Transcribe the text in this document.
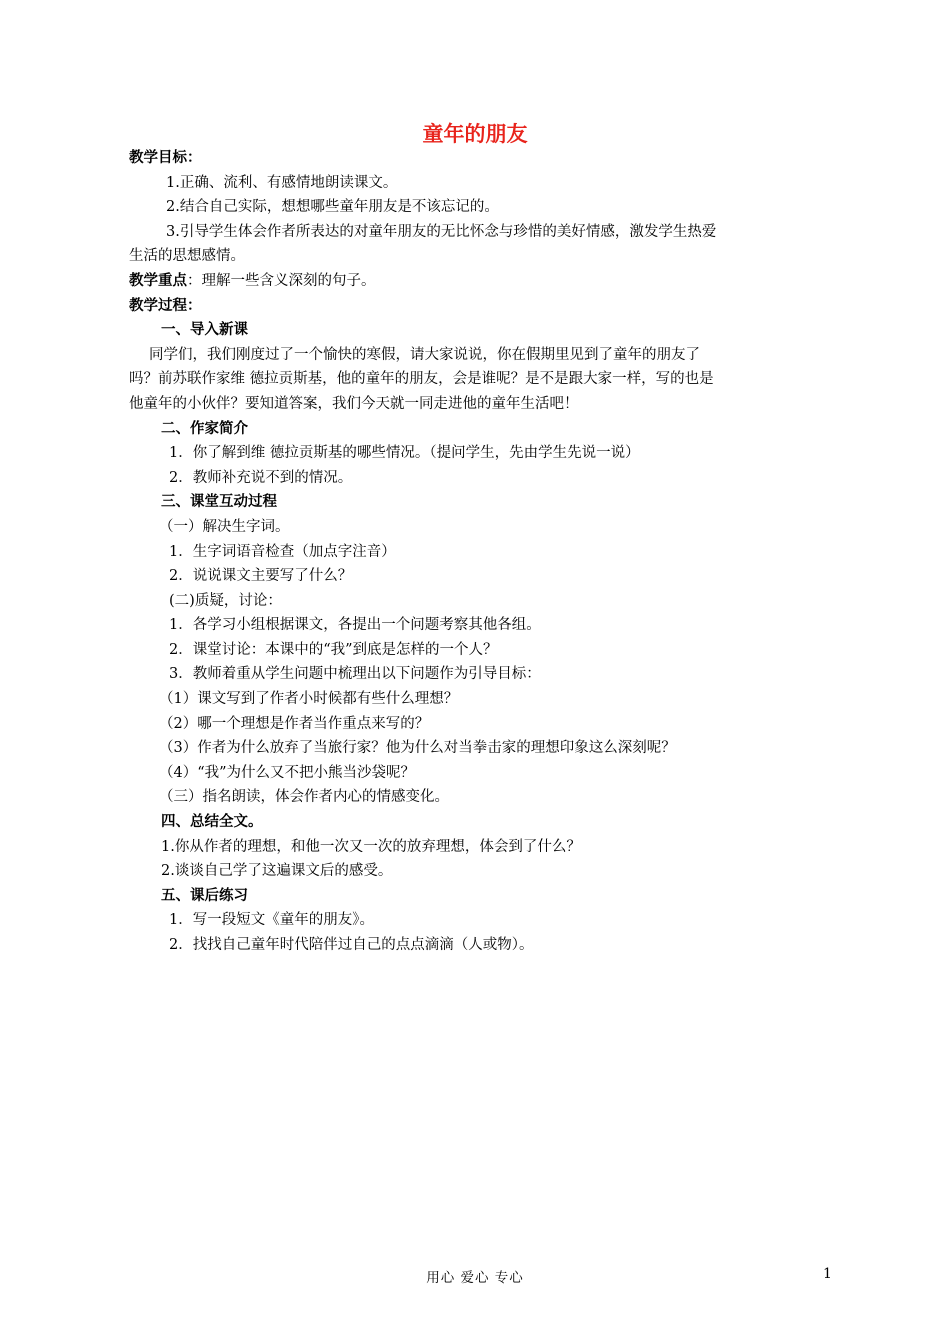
童年的朋友

教学目标：

1.正确、流利、有感情地朗读课文。

2.结合自己实际，想想哪些童年朋友是不该忘记的。

3.引导学生体会作者所表达的对童年朋友的无比怀念与珍惜的美好情感，激发学生热爱生活的思想感情。

教学重点：理解一些含义深刻的句子。

教学过程：

一、导入新课

同学们，我们刚度过了一个愉快的寒假，请大家说说，你在假期里见到了童年的朋友了吗？前苏联作家维 德拉贡斯基，他的童年的朋友，会是谁呢？是不是跟大家一样，写的也是他童年的小伙伴？要知道答案，我们今天就一同走进他的童年生活吧！

二、作家简介

1．你了解到维 德拉贡斯基的哪些情况。（提问学生，先由学生先说一说）

2．教师补充说不到的情况。

三、课堂互动过程

（一）解决生字词。

1．生字词语音检查（加点字注音）

2．说说课文主要写了什么？

(二)质疑，讨论：

1．各学习小组根据课文，各提出一个问题考察其他各组。

2．课堂讨论：本课中的“我”到底是怎样的一个人？

3．教师着重从学生问题中梳理出以下问题作为引导目标：

（1）课文写到了作者小时候都有些什么理想？

（2）哪一个理想是作者当作重点来写的？

（3）作者为什么放弃了当旅行家？他为什么对当拳击家的理想印象这么深刻呢？

（4）“我”为什么又不把小熊当沙袋呢？

（三）指名朗读，体会作者内心的情感变化。

四、总结全文。

1.你从作者的理想，和他一次又一次的放弃理想，体会到了什么？

2.谈谈自己学了这遍课文后的感受。

五、课后练习

1．写一段短文《童年的朋友》。

2．找找自己童年时代陪伴过自己的点点滴滴（人或物）。

用心 爱心 专心	1
